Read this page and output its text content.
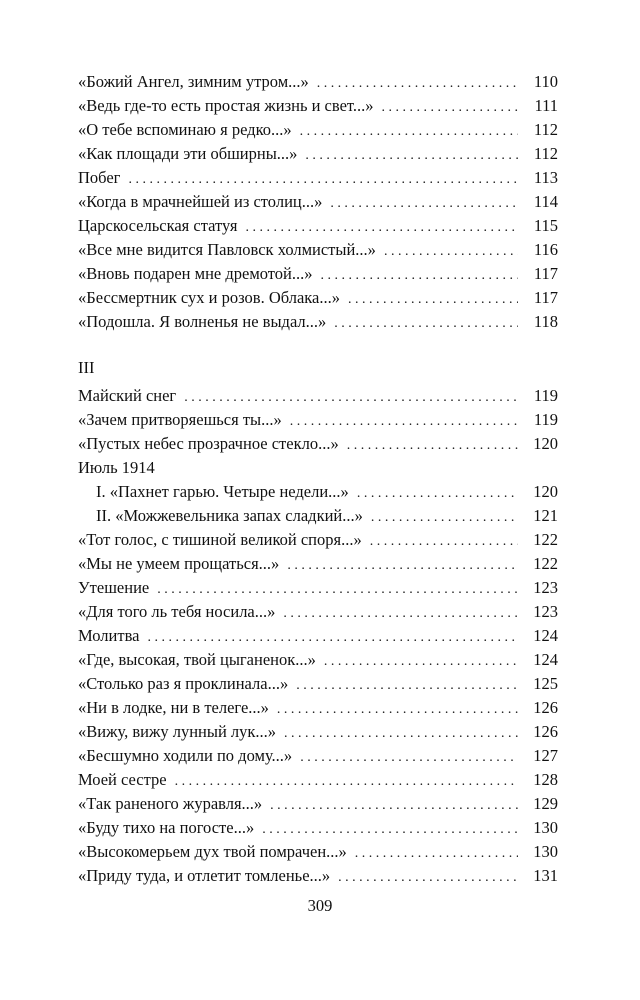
«Божий Ангел, зимним утром...» . . .	110
«Ведь где-то есть простая жизнь и свет...» . . .	111
«О тебе вспоминаю я редко...» . . .	112
«Как площади эти обширны...» . . .	112
Побег . . .	113
«Когда в мрачнейшей из столиц...» . . .	114
Царскосельская статуя . . .	115
«Все мне видится Павловск холмистый...» . . .	116
«Вновь подарен мне дремотой...» . . .	117
«Бессмертник сух и розов. Облака...» . . .	117
«Подошла. Я волненья не выдал...» . . .	118
III
Майский снег . . .	119
«Зачем притворяешься ты...» . . .	119
«Пустых небес прозрачное стекло...» . . .	120
Июль 1914
I. «Пахнет гарью. Четыре недели...» . . .	120
II. «Можжевельника запах сладкий...» . . .	121
«Тот голос, с тишиной великой споря...» . . .	122
«Мы не умеем прощаться...» . . .	122
Утешение . . .	123
«Для того ль тебя носила...» . . .	123
Молитва . . .	124
«Где, высокая, твой цыганенок...» . . .	124
«Столько раз я проклинала...» . . .	125
«Ни в лодке, ни в телеге...» . . .	126
«Вижу, вижу лунный лук...» . . .	126
«Бесшумно ходили по дому...» . . .	127
Моей сестре . . .	128
«Так раненого журавля...» . . .	129
«Буду тихо на погосте...» . . .	130
«Высокомерьем дух твой помрачен...» . . .	130
«Приду туда, и отлетит томленье...» . . .	131
309
